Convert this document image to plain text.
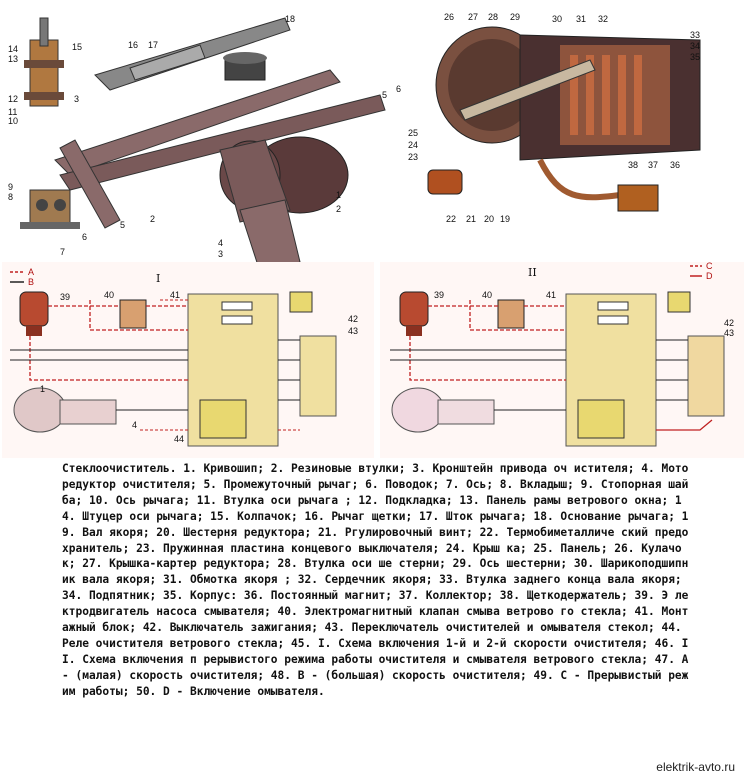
14
13
15
12	3
11
10
16 17
18
5
6
1
2
4
3
9
8
6
5
7
2
26 27 28 29	30 31 32
33
34
35
25
24
23
22 21 20 19
38 37 36
A
B	I
39	40	41
42
43
44
1
4
C
D
II
39	40	41
42
43
Стеклоочиститель. 1. Кривошип; 2. Резиновые втулки; 3. Кронштейн привода оч истителя; 4. Моторедуктор очистителя; 5. Промежуточный рычаг; 6. Поводок; 7. Ось; 8. Вкладыш; 9. Стопорная шайба; 10. Ось рычага; 11. Втулка оси рычага ; 12. Подкладка; 13. Панель рамы ветрового окна; 14. Штуцер оси рычага; 15. Колпачок; 16. Рычаг щетки; 17. Шток рычага; 18. Основание рычага; 19. Вал якоря; 20. Шестерня редуктора; 21. Ргулировочный винт; 22. Термобиметалличе ский предохранитель; 23. Пружинная пластина концевого выключателя; 24. Крыш ка; 25. Панель; 26. Кулачок; 27. Крышка-картер редуктора; 28. Втулка оси ше стерни; 29. Ось шестерни; 30. Шарикоподшипник вала якоря; 31. Обмотка якоря ; 32. Сердечник якоря; 33. Втулка заднего конца вала якоря; 34. Подпятник; 35. Корпус: 36. Постоянный магнит; 37. Коллектор; 38. Щеткодержатель; 39. Э лектродвигатель насоса смывателя; 40. Электромагнитный клапан смыва ветрово го стекла; 41. Монтажный блок; 42. Выключатель зажигания; 43. Переключатель очистителей и омывателя стекол; 44. Реле очистителя ветрового стекла; 45. I. Схема включения 1-й и 2-й скорости очистителя; 46. II. Схема включения п рерывистого режима работы очистителя и смывателя ветрового стекла; 47. А - (малая) скорость очистителя; 48. В - (большая) скорость очистителя; 49. С - Прерывистый режим работы; 50. D - Включение омывателя.
elektrik-avto.ru
